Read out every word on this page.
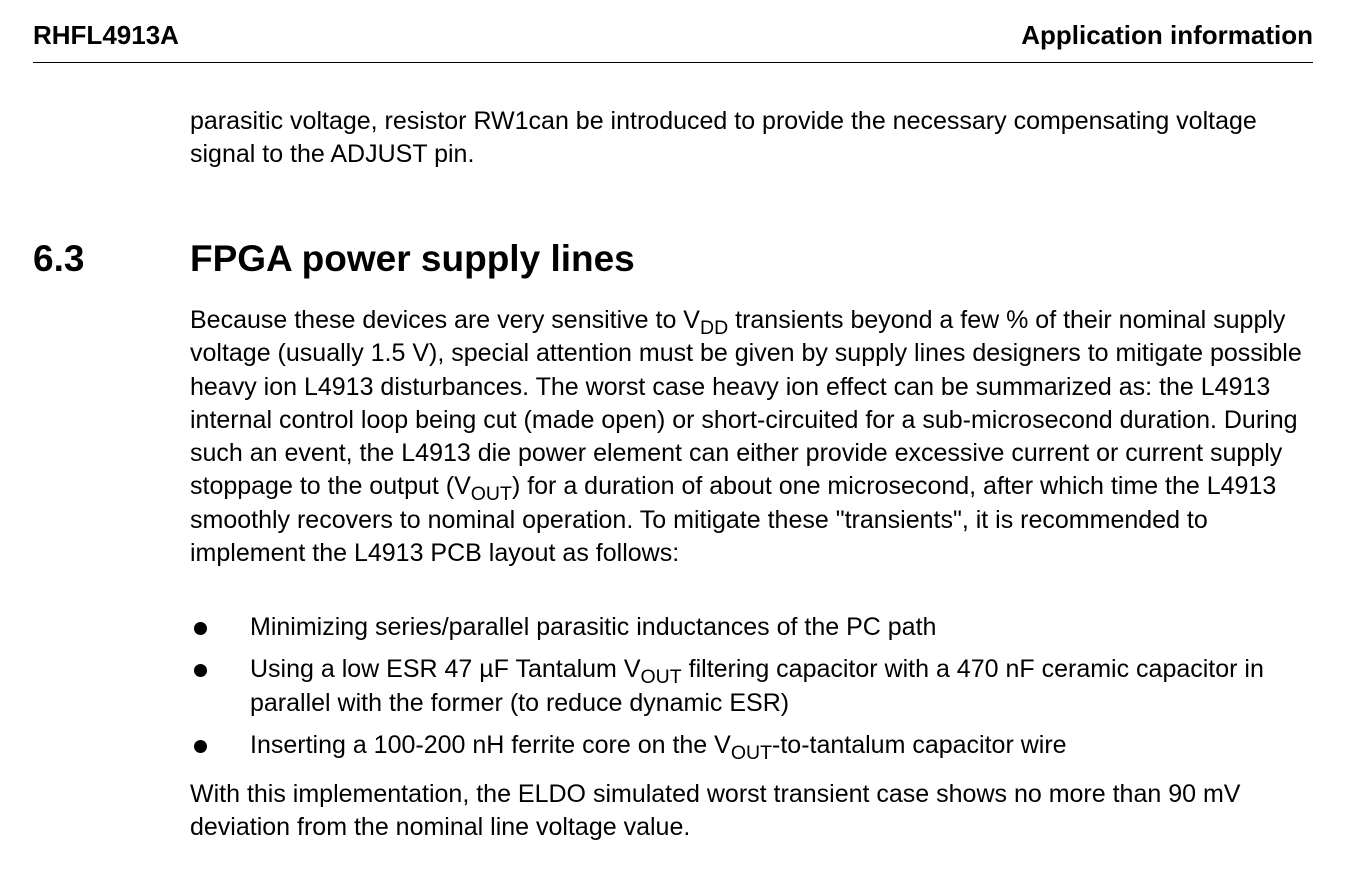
RHFL4913A	Application information

parasitic voltage, resistor RW1can be introduced to provide the necessary compensating voltage signal to the ADJUST pin.

6.3	FPGA power supply lines

Because these devices are very sensitive to $V_{DD}$ transients beyond a few % of their nominal supply voltage (usually 1.5 V), special attention must be given by supply lines designers to mitigate possible heavy ion L4913 disturbances. The worst case heavy ion effect can be summarized as: the L4913 internal control loop being cut (made open) or short-circuited for a sub-microsecond duration. During such an event, the L4913 die power element can either provide excessive current or current supply stoppage to the output $(V_{OUT})$ for a duration of about one microsecond, after which time the L4913 smoothly recovers to nominal operation. To mitigate these "transients", it is recommended to implement the L4913 PCB layout as follows:

Minimizing series/parallel parasitic inductances of the PC path
Using a low ESR 47 µF Tantalum $V_{OUT}$ filtering capacitor with a 470 nF ceramic capacitor in parallel with the former (to reduce dynamic ESR)
Inserting a 100-200 nH ferrite core on the $V_{OUT}-to$-tantalum capacitor wire

With this implementation, the ELDO simulated worst transient case shows no more than 90 mV deviation from the nominal line voltage value.
